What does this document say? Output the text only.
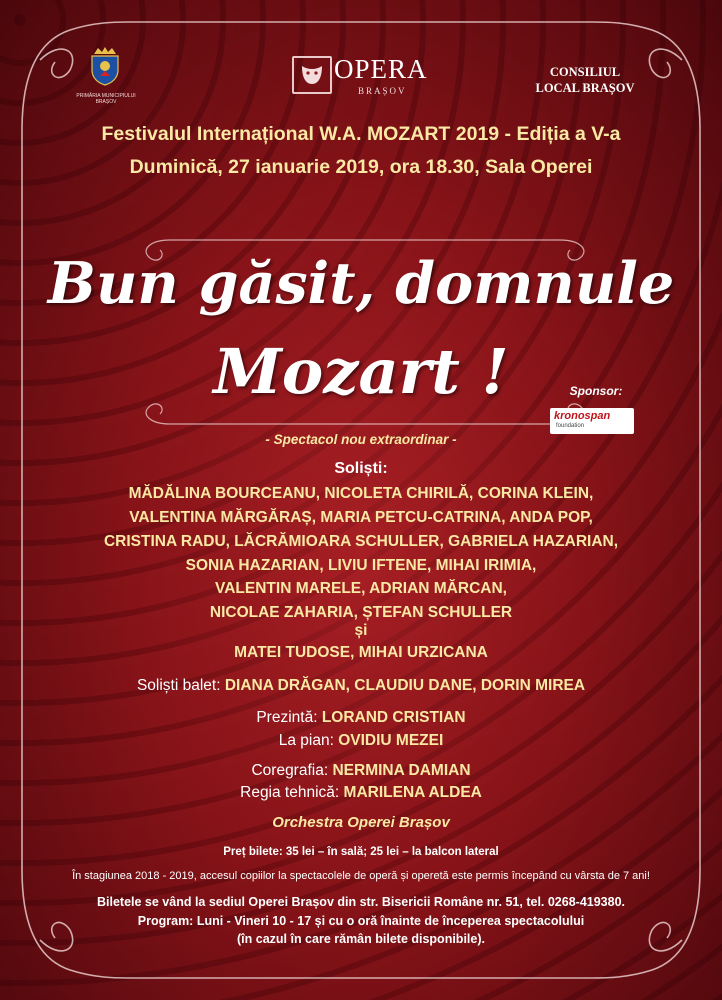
PRIMĂRIA MUNICIPIULUI BRAȘOV
OPERA
BRAȘOV
CONSILIUL
LOCAL BRAȘOV
Festivalul Internațional W.A. MOZART 2019 - Ediția a V-a
Duminică, 27 ianuarie 2019, ora 18.30, Sala Operei
Bun găsit, domnule
Mozart !	Sponsor:
kronospan
foundation
- Spectacol nou extraordinar -
Soliști:
MĂDĂLINA BOURCEANU, NICOLETA CHIRILĂ, CORINA KLEIN,
VALENTINA MĂRGĂRAȘ, MARIA PETCU-CATRINA, ANDA POP,
CRISTINA RADU, LĂCRĂMIOARA SCHULLER, GABRIELA HAZARIAN,
SONIA HAZARIAN, LIVIU IFTENE, MIHAI IRIMIA,
VALENTIN MARELE, ADRIAN MĂRCAN,
NICOLAE ZAHARIA, ȘTEFAN SCHULLER
și
MATEI TUDOSE, MIHAI URZICANA
Soliști balet: DIANA DRĂGAN, CLAUDIU DANE, DORIN MIREA
Prezintă: LORAND CRISTIAN
La pian: OVIDIU MEZEI
Coregrafia: NERMINA DAMIAN
Regia tehnică: MARILENA ALDEA
Orchestra Operei Brașov
Preț bilete: 35 lei – în sală; 25 lei – la balcon lateral
În stagiunea 2018 - 2019, accesul copiilor la spectacolele de operă și operetă este permis începând cu vârsta de 7 ani!
Biletele se vând la sediul Operei Brașov din str. Bisericii Române nr. 51, tel. 0268-419380.
Program: Luni - Vineri 10 - 17 și cu o oră înainte de începerea spectacolului
(în cazul în care rămân bilete disponibile).
